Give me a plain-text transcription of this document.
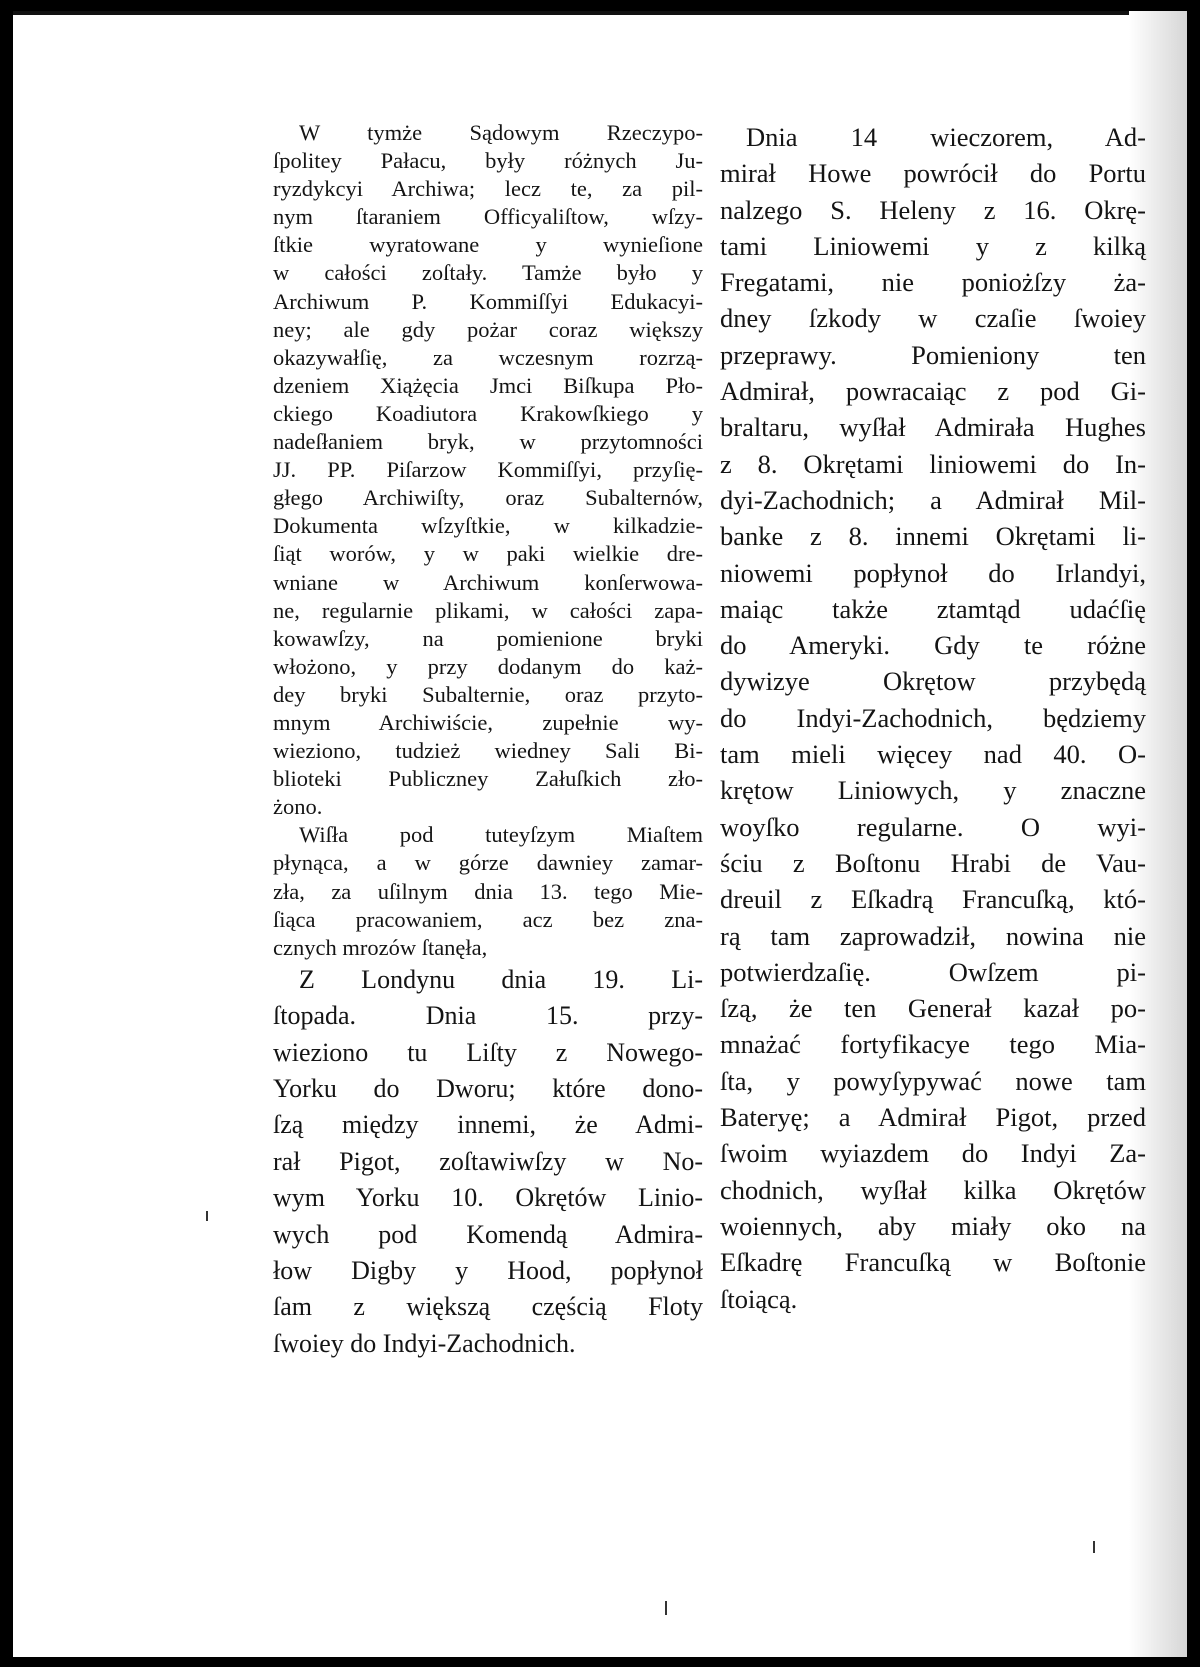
W tymże Sądowym Rzeczypo-
ſpolitey Pałacu, były różnych Ju-
ryzdykcyi Archiwa; lecz te, za pil-
nym ſtaraniem Officyaliſtow, wſzy-
ſtkie wyratowane y wynieſione
w całości zoſtały. Tamże było y
Archiwum P. Kommiſſyi Edukacyi-
ney; ale gdy pożar coraz większy
okazywałſię, za wczesnym rozrzą-
dzeniem Xiążęcia Jmci Biſkupa Pło-
ckiego Koadiutora Krakowſkiego y
nadeſłaniem bryk, w przytomności
JJ. PP. Piſarzow Kommiſſyi, przyſię-
głego Archiwiſty, oraz Subalternów,
Dokumenta wſzyſtkie, w kilkadzie-
ſiąt worów, y w paki wielkie dre-
wniane w Archiwum konſerwowa-
ne, regularnie plikami, w całości zapa-
kowawſzy, na pomienione bryki
włożono, y przy dodanym do każ-
dey bryki Subalternie, oraz przyto-
mnym Archiwiście, zupełnie wy-
wieziono, tudzież wiedney Sali Bi-
blioteki Publiczney Załuſkich zło-
żono.
Wiſła pod tuteyſzym Miaſtem
płynąca, a w górze dawniey zamar-
zła, za uſilnym dnia 13. tego Mie-
ſiąca pracowaniem, acz bez zna-
cznych mrozów ſtanęła,
Z Londynu dnia 19. Li-
ſtopada. Dnia 15. przy-
wieziono tu Liſty z Nowego-
Yorku do Dworu; które dono-
ſzą między innemi, że Admi-
rał Pigot, zoſtawiwſzy w No-
wym Yorku 10. Okrętów Linio-
wych pod Komendą Admira-
łow Digby y Hood, popłynoł
ſam z większą częścią Floty
ſwoiey do Indyi-Zachodnich.
Dnia 14 wieczorem, Ad-
mirał Howe powrócił do Portu
nalzego S. Heleny z 16. Okrę-
tami Liniowemi y z kilką
Fregatami, nie poniożſzy ża-
dney ſzkody w czaſie ſwoiey
przeprawy. Pomieniony ten
Admirał, powracaiąc z pod Gi-
braltaru, wyſłał Admirała Hughes
z 8. Okrętami liniowemi do In-
dyi-Zachodnich; a Admirał Mil-
banke z 8. innemi Okrętami li-
niowemi popłynoł do Irlandyi,
maiąc także ztamtąd udaćſię
do Ameryki. Gdy te różne
dywizye Okrętow przybędą
do Indyi-Zachodnich, będziemy
tam mieli więcey nad 40. O-
krętow Liniowych, y znaczne
woyſko regularne. O wyi-
ściu z Boſtonu Hrabi de Vau-
dreuil z Eſkadrą Francuſką, któ-
rą tam zaprowadził, nowina nie
potwierdzaſię. Owſzem pi-
ſzą, że ten Generał kazał po-
mnażać fortyfikacye tego Mia-
ſta, y powyſypywać nowe tam
Bateryę; a Admirał Pigot, przed
ſwoim wyiazdem do Indyi Za-
chodnich, wyſłał kilka Okrętów
woiennych, aby miały oko na
Eſkadrę Francuſką w Boſtonie
ſtoiącą.
